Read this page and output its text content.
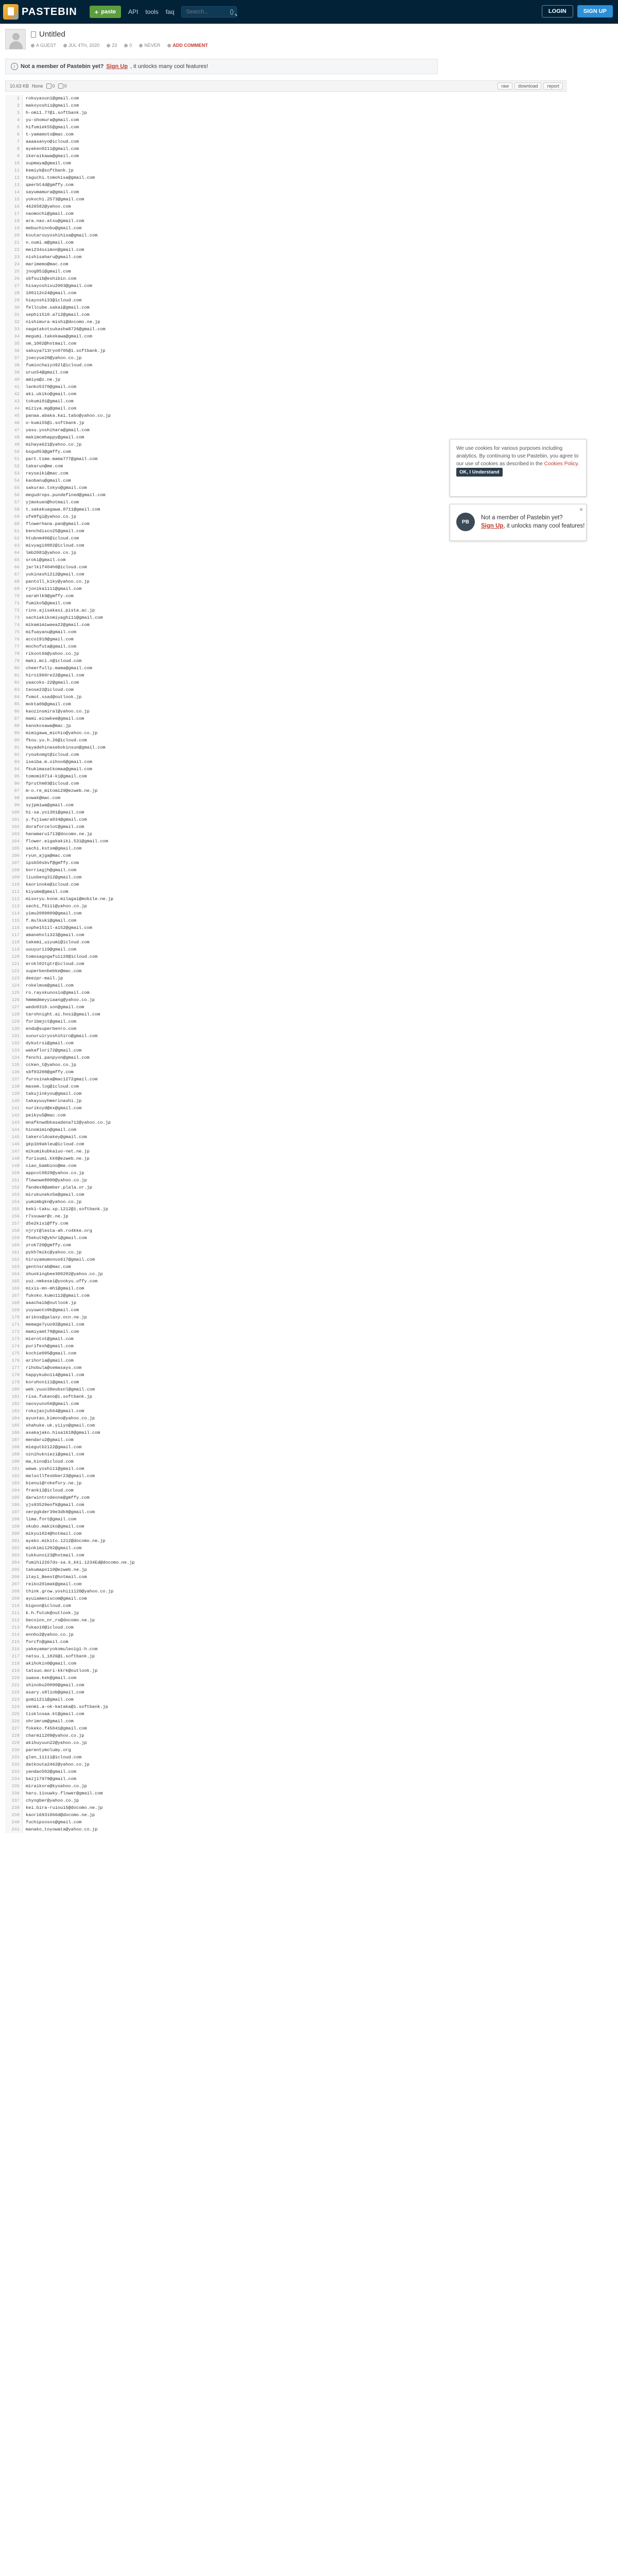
PASTEBIN	+ paste API tools faq
Search...	LOGIN	SIGN UP
Untitled
A GUEST	JUL 4TH, 2020	23	0	NEVER	ADD COMMENT
i	Not a member of Pastebin yet? Sign Up , it unlocks many cool features!
10.63 KB None 0 0	raw	download	report
1	rokuyasun1@gmail.com
2	makoyoshi1@gmail.com
3	h-omi1.77@i.softbank.jp
4	yu-shomura@gmail.com
5	hifumiek55@gmail.com
6	t-yamamoto@mac.com
7	aaaasanyo@icloud.com
8	ayaken0211@gmail.com
9	ikeraikawa@gmail.com
10	supmaya@gmail.com
11	kemiyk@softbank.jp
12	taguchi.tomohisa@gmail.com
13	qaerbt4d@gmffy.com
14	sayumamura@gmail.com
15	yokochi.2573@gmail.com
16	4626582@yahoo.com
17	naomochi@gmail.com
18	ara.nao.atsu@gmail.com
19	mebuchinobu@gmail.com
20	koutarouyoshihisa@gmail.com
21	n.oumi.m@gmail.com
22	mei234ssimon@gmail.com
23	nishisaharu@gmail.com
24	marimemo@mac.com
25	jnog851@gmail.com
26	sbfsuib@eshibin.com
27	hisayoshisu2003@gmail.com
28	100112n24@gmail.com
29	hiayoshi33@icloud.com
30	fellcube.sakai@gmail.com
31	sephi1510.a712@gmail.com
32	nishimura-mishi@docomo.ne.jp
33	nagatakotsukasha8726@gmail.com
34	megumi.takekawa@gmail.com
35	om_1002@hotmail.com
36	sakuya713ryo0705@i.softbank.jp
37	joecyue20@yahoo.co.jp
38	fumiochaiyo92l@icloud.com
39	uruo54@gmail.com
40	amiya@z.ne.jp
41	lanko5370@gmail.com
42	aki.ukiko@gmail.com
43	tokumi01@gmail.com
44	miziya.mg@gmail.com
45	panaa.abaka.kai.tabo@yahoo.co.jp
46	o-kumi55@i.softbank.jp
47	yasu.yoshihara@gmail.com
48	makimcmhappy@gmail.com
49	mihaya621@yahoo.co.jp
50	bsgu053@gmffy.com
51	part.time.mama777@gmail.com
52	takarun@me.com
53	reyseiki@mac.com
54	kaobanu@gmail.com
55	sakurao.tokyo@gmail.com
56	megudrops.pundefined@gmail.com
57	yjmokuen@hotmail.com
58	t.sakakuagawa.0711@gmail.com
59	ufe0fgi@yahoo.co.jp
60	flowerhana.pan@gmail.com
61	kenchdisco25@gmail.com
62	htubnm406@icloud.com
63	mivyagi0802@icloud.com
64	lmb2081@yahoo.co.jp
65	sroki@gmail.com
66	jarlkif404h0@icloud.com
67	yukinashi212@gmail.com
68	pantoll_kiky@yahoo.co.jp
69	rjonika1111@gmail.com
70	sarahlk9@gmffy.com
71	fumiko5@gmail.com
72	rino.ajisakasi.pista.ac.jp
73	sachiakikomiyaghi11@gmail.com
74	mikamimiwaea22@gmail.com
75	mifuayanu@gmail.com
76	acco1910@gmail.com
77	mochofuta@gmail.com
78	rikoot66@yahoo.co.jp
79	maki.mci.n@icloud.com
80	cheerfully.mama@gmail.com
81	hiro1960re22@gmail.com
82	yaacoks-22@gmail.com
83	teose22@icloud.com
84	fxmot.ssad@outlook.jp
85	mokta0b@gmail.com
86	kaozinsmiral@yahoo.co.jp
87	mami.eiowkee@gmail.com
88	kanokosawa@mac.jp
89	mimigawa_michio@yahoo.co.jp
90	fkou.yu.h.26@icloud.com
91	hayadehinasebokinsun@gmail.com
92	ryoukomgt@icloud.com
93	iseiba.m.oihoo6@gmail.com
94	fkukimasatkomaa@gmail.com
95	tomomi0714-k1@gmail.com
96	fpruthm03@icloud.com
97	m-o.re_mitomi29@ezweb.ne.jp
98	sowak@mac.com
99	syjpmiwa@gmail.com
100	hi-sa.yoi301@gmail.com
101	y.fujiwara034@gmail.com
102	doraforcelot@gmail.com
103	hanamaru1713@docomo.ne.jp
104	flower.eigakakiki.531@gmail.com
105	sachi.kstsm@gmail.com
106	ryun_ajga@mac.com
107	ipsb50sbvf@gmffy.com
108	borriagjh@gmail.com
109	liusbeng312@gmail.com
110	kaorinoke@icloud.com
111	kiyume@gmail.com
112	misoryu.kone.milagai@mobile.ne.jp
113	sachi_f6111@yahoo.co.jp
114	yimu2089809@gmail.com
115	f.mulkuki@gmail.com
116	sophe1511l-a152@gmail.com
117	amaneholi323@gmail.com
118	takemi_uiyumi@icloud.com
119	uuuyuri19@gmail.com
120	tomosagogafu1120@icloud.com
121	erokl02tgtr@icloud.com
122	superbenbebke@mac.com
123	deezpr-mail.jp
124	rokelmoe@gmail.com
125	ro.rayskunosio@gmail.com
126	hmmmdmeyyiaang@yahoo.co.jp
127	wedo0310.son@gmail.com
128	tarohnight.ai.hosi@gmail.com
129	foribmjct@gmail.com
130	endu@superbenro.com
131	sunuruiryoshihiro@gmail.com
132	dykutrsi@gmail.com
133	wakaflori72@gmail.com
134	fenchi.panpyon@gmail.com
135	ccken_t@yahoo.co.jp
136	sbf03200@gmffy.com
137	furosinaka@mac1272gmail.com
138	masem.log@icloud.com
139	takujinkyou@gmail.com
140	takayuuyhmerinashi.jp
141	nurikoyd@ex@gmail.com
142	peikyu5@mac.com
143	mnafknwdbkasadena712@yahoo.co.jp
144	hinomimin@gmail.com
145	takeroldoakey@gmail.com
146	gkp1b9ableu@icloud.com
147	mikumikubka1uo-net.ne.jp
148	furisumi.kk0@ezweb.ne.jp
149	ciao_bambino@me.com
150	appcot0829@yahoo.co.jp
151	flewowe8000@yahoo.co.jp
152	fandes8@amber.plala.or.jp
153	mirukuneko5e@gmail.com
154	yumimbgkn@yahoo.co.jp
155	keki-taku.xp.1212@i.softbank.jp
156	r7ssuwar@c.ne.jp
157	d5e2kis1@ffy.com
158	njryt@lesta-ah.ro4kke.org
159	f5ekuth@ykhr1@gmail.com
160	yrok720@gmffy.com
161	pykh7mikc@yahoo.co.jp
162	hiruyamumonus617@gmail.com
163	gentnsrab@mac.com
164	shuokingbee300202@yahoo.co.jp
165	yuz.nmkesei@yookyu.uffy.com
166	mixis-mn-mh1@gmail.com
167	fukoko.kumo112@gmail.com
168	aaachaib@outlook.jp
169	yuyuwoto9k@gmail.com
170	arikos@galaxy.ocn.ne.jp
171	memage7yuo92@gmail.com
172	mamiyamt70@gmail.com
173	mierotot@gmail.com
174	purifexh@gmail.com
175	kochie095@gmail.com
176	arihoria@gmail.com
177	rihobula@semasays.com
178	happykubo114@gmail.com
179	koruhon111@gmail.com
180	wek.yuuo38eubsnl@gmail.com
181	risa.fukano@i.softbank.jp
182	naosyuno56@gmail.com
183	rokujaoju564@gmail.com
184	ayuotao_kimono@yahoo.co.jp
185	shahuke.uk.yiiyo@gmail.com
186	asakajako.hisa1618@gmail.com
187	mendaru2@gmail.com
188	miegutb2122@gmail.com
189	oznihukniezi@gmail.com
190	ma_kino@icloud.com
191	wawa.yoshi11@gmail.com
192	malsollfesbber23@gmail.com
193	bienui@rokefory.ne.jp
194	frank12@icloud.com
195	darwintrodeone@gmffy.com
196	yjs93529eofk@gmail.com
197	oerpgkder39e3dk0@gmail.com
198	lima.fort@gmail.com
199	okubo.makiko@gmail.com
200	mikyu1024@hotmail.com
201	ayako.mikito.1212@docomo.ne.jp
202	minkimi1202@gmail.com
203	tukkuno123@hotmail.com
204	fumihi2267ds-sa.k_kk1.1234Ed@docomo.ne.jp
205	takumapo110@ezweb.ne.jp
206	itayi_Beest@hotmail.com
207	reiko201mak@gmail.com
208	think.grow.yoshii1120@yahoo.co.jp
209	ayuiameniscom@gmail.com
210	bigoon@icloud.com
211	k.h.futuk@outlook.jp
212	becoinn_nr_ro@docomo.ne.jp
213	fukao10@icloud.com
214	ennho2@yahoo.co.jp
215	forcfn@gmail.com
216	yakeyamaryokomuleoigi-h.com
217	natsu.1_1026@i.softbank.jp
218	akihokin0@gmail.com
219	tatsuo.mori-kkrk@outlook.jp
220	iwasa.kek@gmail.com
221	shinobu20090@gmail.com
222	asary.s8l1ob@gmail.com
223	gomi1211@gmail.com
224	venmi.a-ok-kataka@i.softbank.jp
225	tisklosaa.kt@gmail.com
226	ohrimrum@gmail.com
227	fokeko.f45041@gmail.com
228	charmi1209@yahoo.co.jp
229	akihuyuun22@yahoo.co.jp
230	parentymolumy.org
231	glen_11111@icloud.com
232	datkouta2462@yahoo.co.jp
233	yandao502@gmail.com
234	bazji7979@gmail.com
235	miraikore@kyoahoo.co.jp
236	haru.11ouwky.flower@gmail.com
237	chyngber@yahoo.co.jp
238	kei.bira-ruiou15@docomo.ne.jp
239	kaori6931066d@docomo.ne.jp
240	fuchipsosos@gmail.com
241	manako_toyowata@yahoo.co.jp
We use cookies for various purposes including analytics. By continuing to use Pastebin, you agree to our use of cookies as described in the Cookies Policy. OK, I Understand
×
PB
Not a member of Pastebin yet?
Sign Up, it unlocks many cool features!
